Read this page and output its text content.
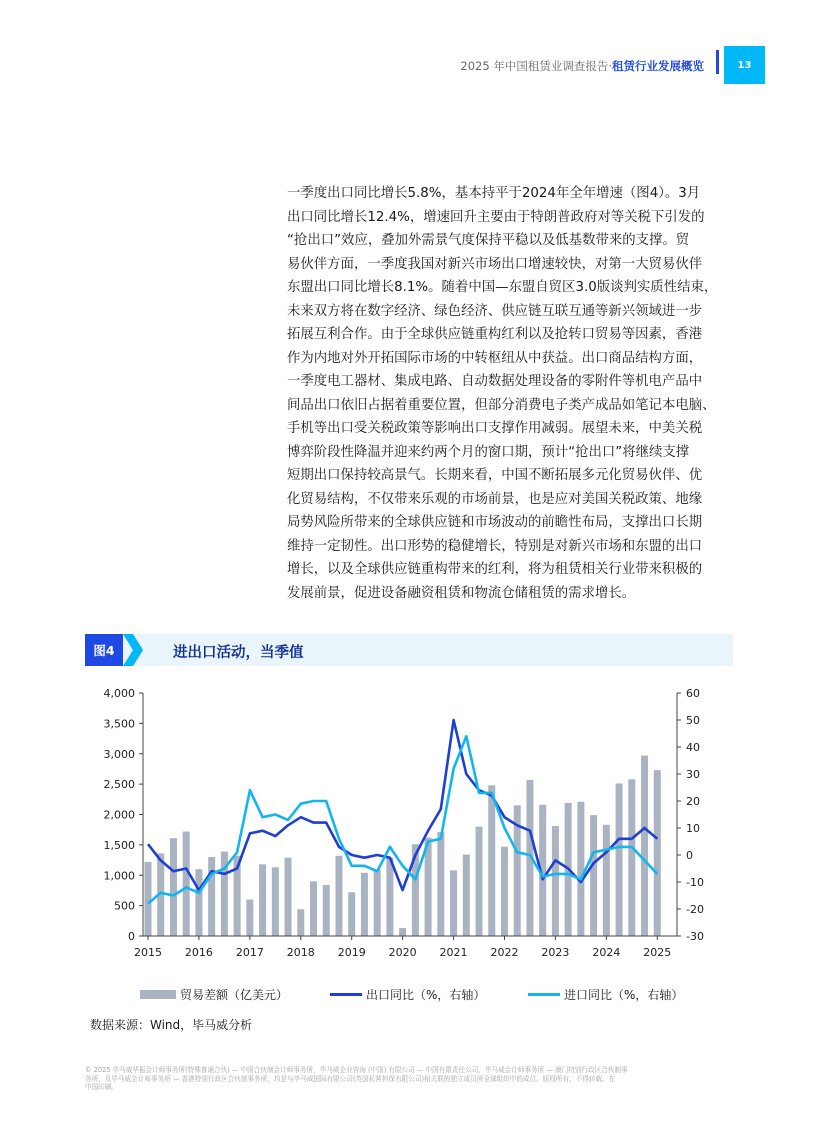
2025 年中国租赁业调查报告·租赁行业发展概览	13

一季度出口同比增长5.8%，基本持平于2024年全年增速（图4）。3月

出口同比增长12.4%，增速回升主要由于特朗普政府对等关税下引发的

“抢出口”效应，叠加外需景气度保持平稳以及低基数带来的支撑。贸

易伙伴方面，一季度我国对新兴市场出口增速较快，对第一大贸易伙伴

东盟出口同比增长8.1%。随着中国—东盟自贸区3.0版谈判实质性结束，

未来双方将在数字经济、绿色经济、供应链互联互通等新兴领域进一步

拓展互利合作。由于全球供应链重构红利以及抢转口贸易等因素，香港

作为内地对外开拓国际市场的中转枢纽从中获益。出口商品结构方面，

一季度电工器材、集成电路、自动数据处理设备的零附件等机电产品中

间品出口依旧占据着重要位置，但部分消费电子类产成品如笔记本电脑、

手机等出口受关税政策等影响出口支撑作用减弱。展望未来，中美关税

博弈阶段性降温并迎来约两个月的窗口期，预计“抢出口”将继续支撑

短期出口保持较高景气。长期来看，中国不断拓展多元化贸易伙伴、优

化贸易结构，不仅带来乐观的市场前景，也是应对美国关税政策、地缘

局势风险所带来的全球供应链和市场波动的前瞻性布局，支撑出口长期

维持一定韧性。出口形势的稳健增长，特别是对新兴市场和东盟的出口

增长，以及全球供应链重构带来的红利，将为租赁相关行业带来积极的

发展前景，促进设备融资租赁和物流仓储租赁的需求增长。

图4	进出口活动，当季值
0
500
1,000
1,500
2,000
2,500
3,000
3,500
4,000
-30
-20
-10
0
10
20
30
40
50
60
2015 2016 2017 2018 2019 2020 2021 2022 2023 2024 2025
贸易差额（亿美元）	出口同比（%，右轴）	进口同比（%，右轴）
数据来源：Wind，毕马威分析
© 2025 毕马威华振会计师事务所(特殊普通合伙) — 中国合伙制会计师事务所，毕马威企业咨询 (中国) 有限公司 — 中国有限责任公司，毕马威会计师事务所 — 澳门特别行政区合伙制事
务所，及毕马威会计师事务所 — 香港特别行政区合伙制事务所，均是与毕马威国际有限公司(英国私营担保有限公司)相关联的独立成员所全球组织中的成员。版权所有，不得转载。在
中国印刷。
